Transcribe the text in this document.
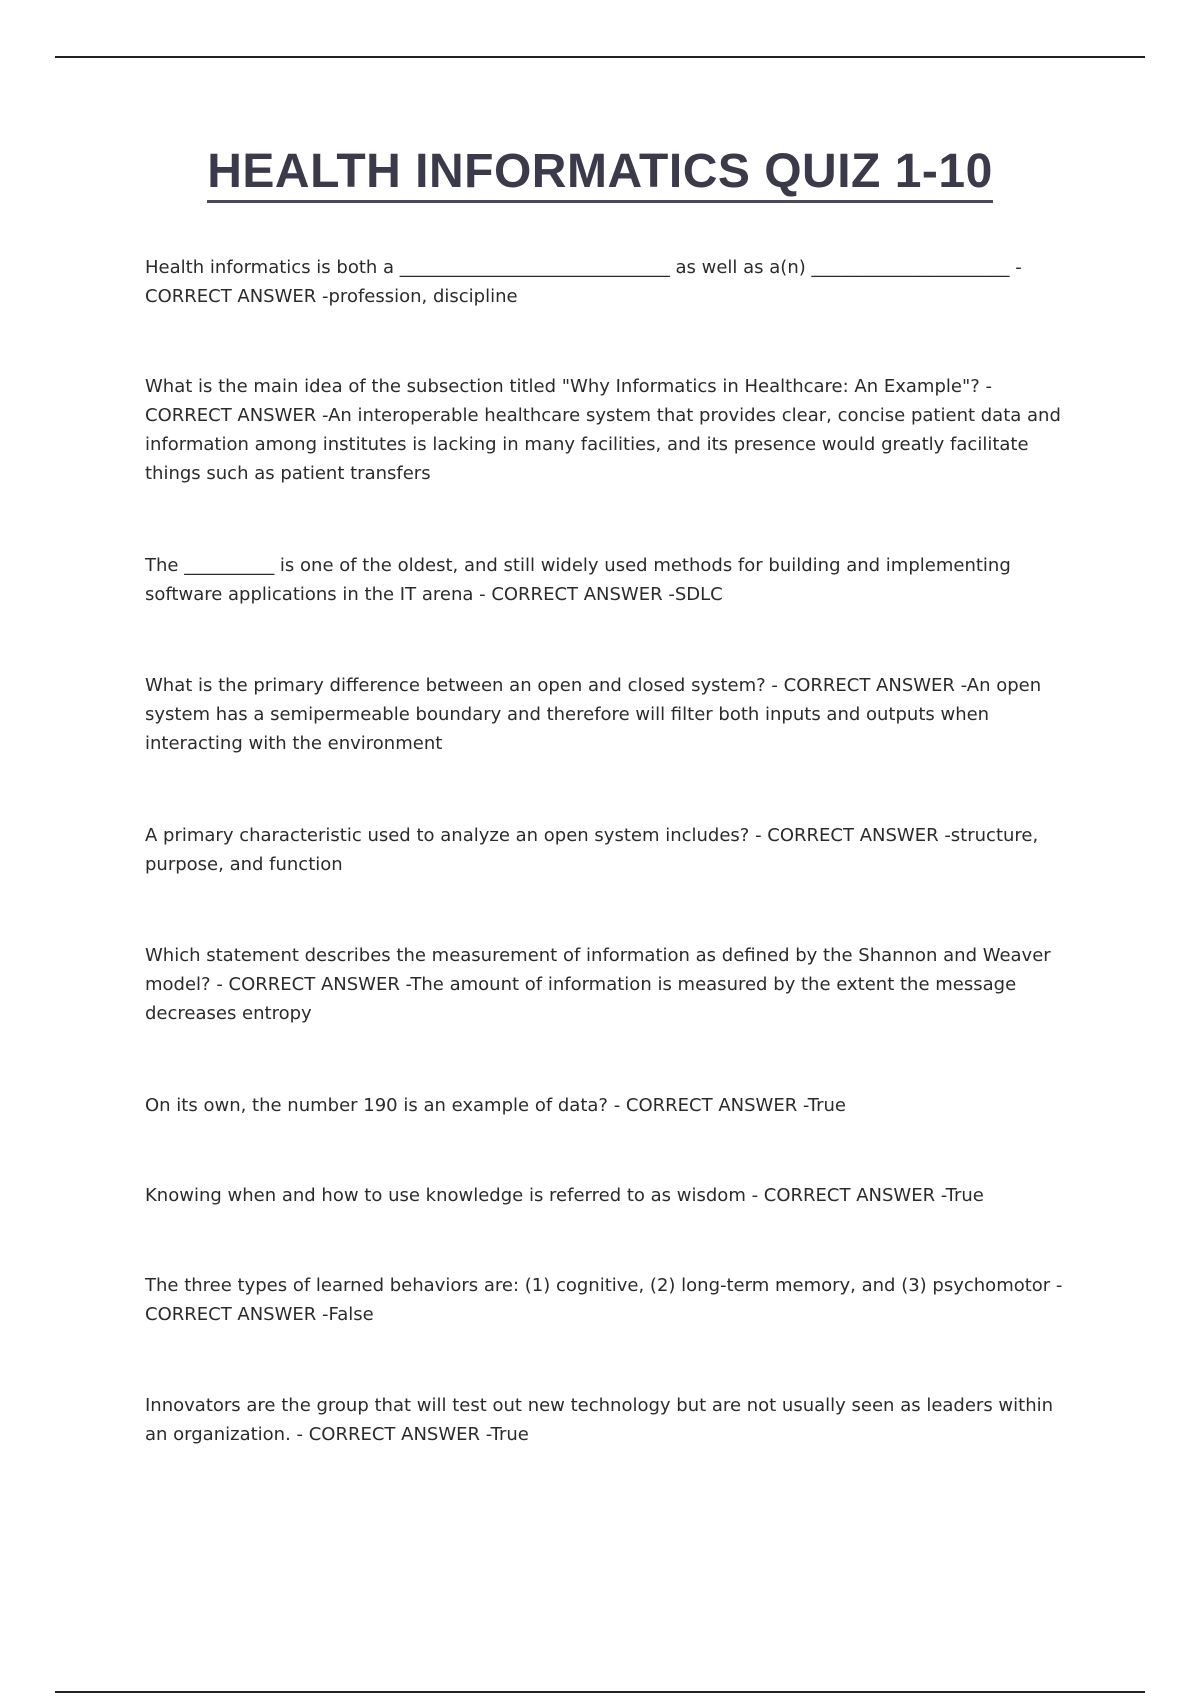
HEALTH INFORMATICS QUIZ 1-10

Health informatics is both a ______________________________ as well as a(n) ______________________ - CORRECT ANSWER -profession, discipline

What is the main idea of the subsection titled "Why Informatics in Healthcare: An Example"? - CORRECT ANSWER -An interoperable healthcare system that provides clear, concise patient data and information among institutes is lacking in many facilities, and its presence would greatly facilitate things such as patient transfers

The __________ is one of the oldest, and still widely used methods for building and implementing software applications in the IT arena - CORRECT ANSWER -SDLC

What is the primary difference between an open and closed system? - CORRECT ANSWER -An open system has a semipermeable boundary and therefore will filter both inputs and outputs when interacting with the environment

A primary characteristic used to analyze an open system includes? - CORRECT ANSWER -structure, purpose, and function

Which statement describes the measurement of information as defined by the Shannon and Weaver model? - CORRECT ANSWER -The amount of information is measured by the extent the message decreases entropy

On its own, the number 190 is an example of data? - CORRECT ANSWER -True

Knowing when and how to use knowledge is referred to as wisdom - CORRECT ANSWER -True

The three types of learned behaviors are: (1) cognitive, (2) long-term memory, and (3) psychomotor - CORRECT ANSWER -False

Innovators are the group that will test out new technology but are not usually seen as leaders within an organization. - CORRECT ANSWER -True
